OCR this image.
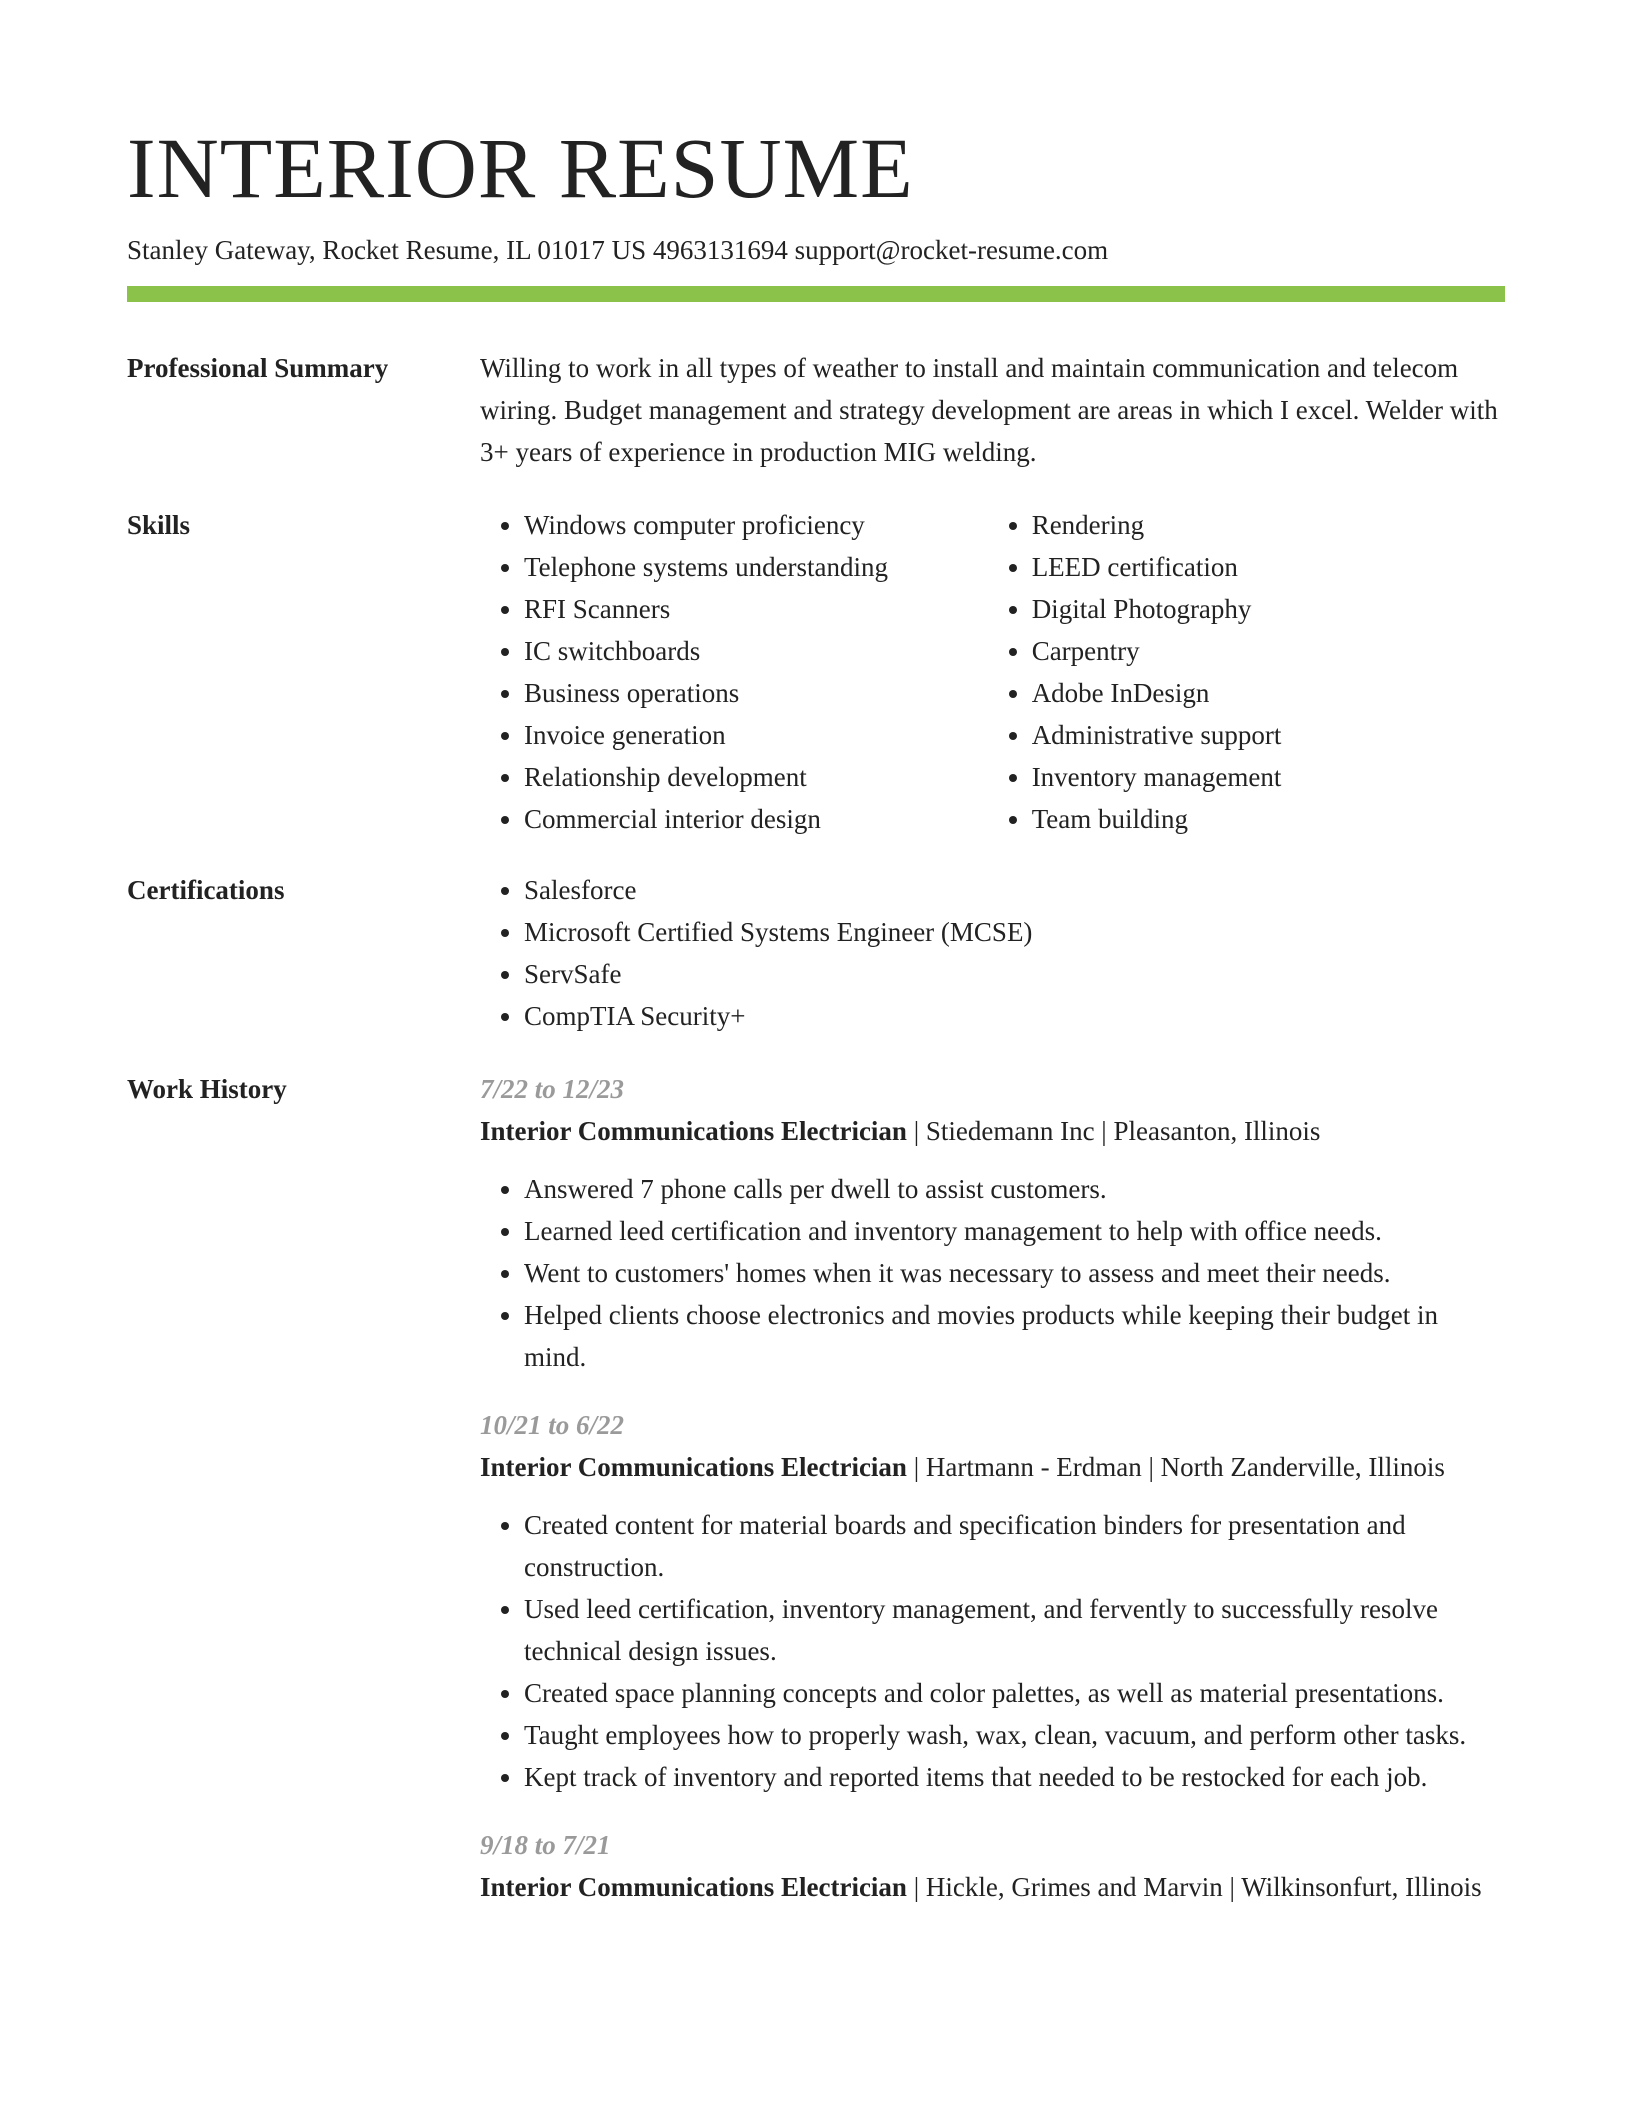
INTERIOR RESUME
Stanley Gateway, Rocket Resume, IL 01017 US 4963131694 support@rocket-resume.com
Professional Summary	Willing to work in all types of weather to install and maintain communication and telecom wiring. Budget management and strategy development are areas in which I excel. Welder with 3+ years of experience in production MIG welding.

Skills	• Windows computer proficiency
• Telephone systems understanding
• RFI Scanners
• IC switchboards
• Business operations
• Invoice generation
• Relationship development
• Commercial interior design
• Rendering
• LEED certification
• Digital Photography
• Carpentry
• Adobe InDesign
• Administrative support
• Inventory management
• Team building
Certifications	• Salesforce
• Microsoft Certified Systems Engineer (MCSE)
• ServSafe
• CompTIA Security+
Work History	7/22 to 12/23
Interior Communications Electrician | Stiedemann Inc | Pleasanton, Illinois
• Answered 7 phone calls per dwell to assist customers.
• Learned leed certification and inventory management to help with office needs.
• Went to customers' homes when it was necessary to assess and meet their needs.
• Helped clients choose electronics and movies products while keeping their budget in mind.
10/21 to 6/22
Interior Communications Electrician | Hartmann - Erdman | North Zanderville, Illinois
• Created content for material boards and specification binders for presentation and construction.
• Used leed certification, inventory management, and fervently to successfully resolve technical design issues.
• Created space planning concepts and color palettes, as well as material presentations.
• Taught employees how to properly wash, wax, clean, vacuum, and perform other tasks.
• Kept track of inventory and reported items that needed to be restocked for each job.
9/18 to 7/21
Interior Communications Electrician | Hickle, Grimes and Marvin | Wilkinsonfurt, Illinois
